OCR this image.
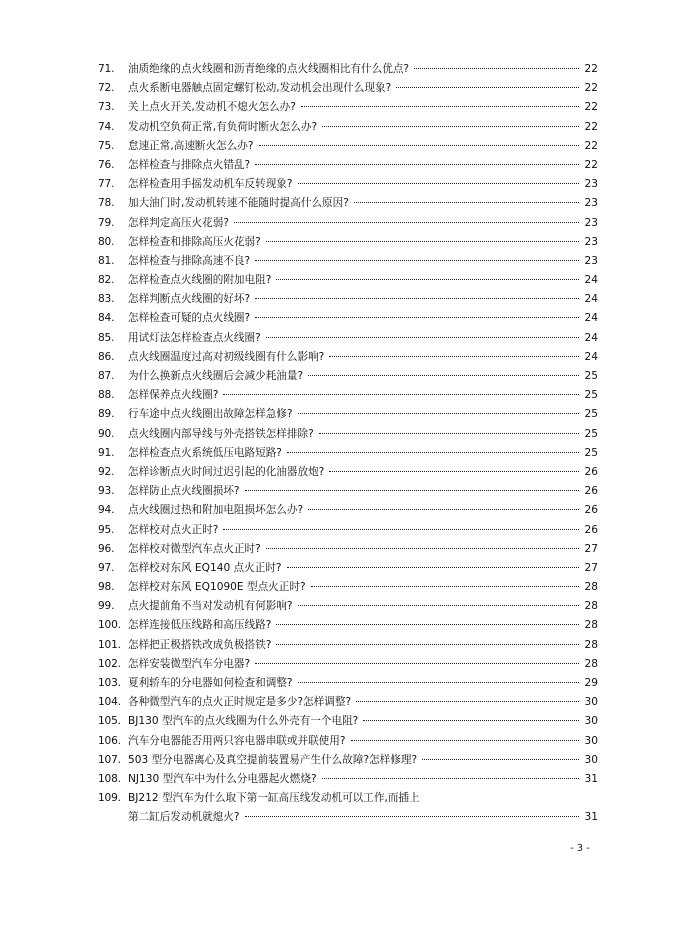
71.	油质绝缘的点火线圈和沥青绝缘的点火线圈相比有什么优点?	22
72.	点火系断电器触点固定螺钉松动,发动机会出现什么现象?	22
73.	关上点火开关,发动机不熄火怎么办?	22
74.	发动机空负荷正常,有负荷时断火怎么办?	22
75.	怠速正常,高速断火怎么办?	22
76.	怎样检查与排除点火错乱?	22
77.	怎样检查用手摇发动机车反转现象?	23
78.	加大油门时,发动机转速不能随时提高什么原因?	23
79.	怎样判定高压火花弱?	23
80.	怎样检查和排除高压火花弱?	23
81.	怎样检查与排除高速不良?	23
82.	怎样检查点火线圈的附加电阻?	24
83.	怎样判断点火线圈的好坏?	24
84.	怎样检查可疑的点火线圈?	24
85.	用试灯法怎样检查点火线圈?	24
86.	点火线圈温度过高对初级线圈有什么影响?	24
87.	为什么换新点火线圈后会减少耗油量?	25
88.	怎样保养点火线圈?	25
89.	行车途中点火线圈出故障怎样急修?	25
90.	点火线圈内部导线与外壳搭铁怎样排除?	25
91.	怎样检查点火系统低压电路短路?	25
92.	怎样诊断点火时间过迟引起的化油器放炮?	26
93.	怎样防止点火线圈损坏?	26
94.	点火线圈过热和附加电阻损坏怎么办?	26
95.	怎样校对点火正时?	26
96.	怎样校对微型汽车点火正时?	27
97.	怎样校对东风 EQ140 点火正时?	27
98.	怎样校对东风 EQ1090E 型点火正时?	28
99.	点火提前角不当对发动机有何影响?	28
100. 怎样连接低压线路和高压线路?	28
101. 怎样把正极搭铁改成负极搭铁?	28
102. 怎样安装微型汽车分电器?	28
103. 夏利轿车的分电器如何检查和调整?	29
104. 各种微型汽车的点火正时规定是多少?怎样调整?	30
105. BJ130 型汽车的点火线圈为什么外壳有一个电阻?	30
106. 汽车分电器能否用两只容电器串联或并联使用?	30
107. 503 型分电器离心及真空提前装置易产生什么故障?怎样修理?	30
108. NJ130 型汽车中为什么分电器起火燃烧?	31
109. BJ212 型汽车为什么取下第一缸高压线发动机可以工作,而插上
第二缸后发动机就熄火?	31
- 3 -
